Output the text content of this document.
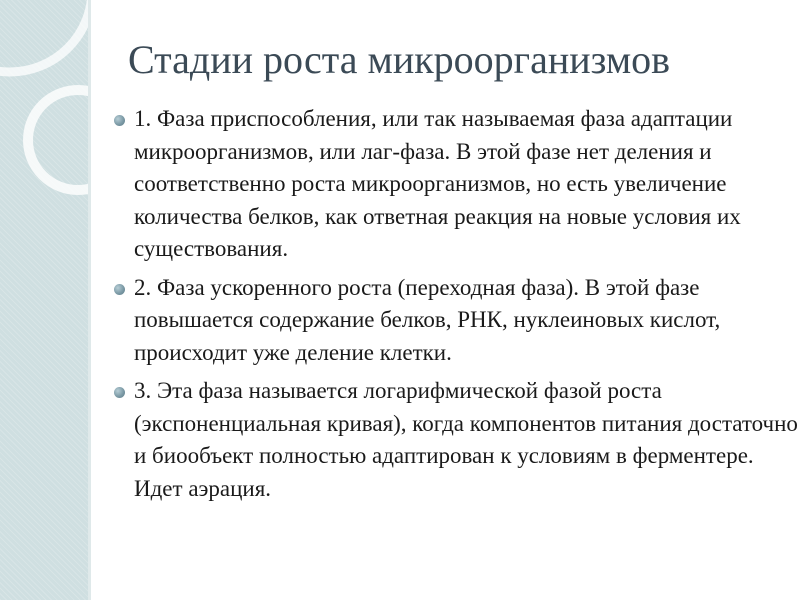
Стадии роста микроорганизмов
1. Фаза приспособления, или так называемая фаза адаптации микроорганизмов, или лаг-фаза. В этой фазе нет деления и соответственно роста микроорганизмов, но есть увеличение количества белков, как ответная реакция на новые условия их существования.
2. Фаза ускоренного роста (переходная фаза). В этой фазе повышается содержание белков, РНК, нуклеиновых кислот, происходит уже деление клетки.
3. Эта фаза называется логарифмической фазой роста (экспоненциальная кривая), когда компонентов питания достаточно и биообъект полностью адаптирован к условиям в ферментере. Идет аэрация.
